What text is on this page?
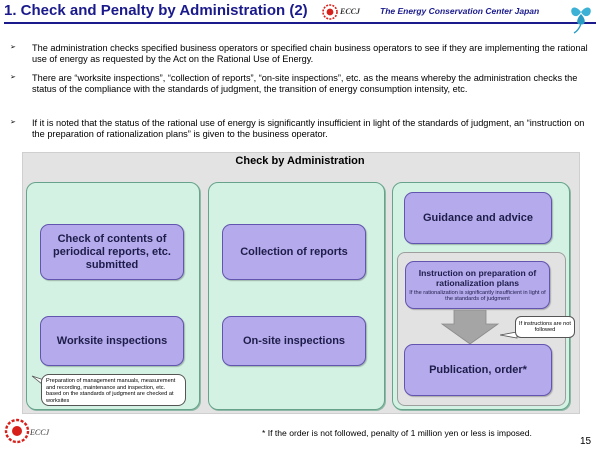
1. Check and Penalty by Administration (2)	ECCJ The Energy Conservation Center Japan
➢ The administration checks specified business operators or specified chain business operators to see if they are implementing the rational use of energy as requested by the Act on the Rational Use of Energy.
➢ There are “worksite inspections”, “collection of reports”, “on-site inspections”, etc. as the means whereby the administration checks the status of the compliance with the standards of judgment, the transition of energy consumption intensity, etc.
➢ If it is noted that the status of the rational use of energy is significantly insufficient in light of the standards of judgment, an “instruction on the preparation of rationalization plans” is given to the business operator.
Check by Administration
Check of contents of periodical reports, etc. submitted
Worksite inspections
Preparation of management manuals, measurement and recording, maintenance and inspection, etc. based on the standards of judgment are checked at worksites
Collection of reports
On-site inspections
Guidance and advice
Instruction on preparation of rationalization plans
If the rationalization is significantly insufficient in light of the standards of judgment
If instructions are not followed
Publication, order*
ECCJ	* If the order is not followed, penalty of 1 million yen or less is imposed.
15
